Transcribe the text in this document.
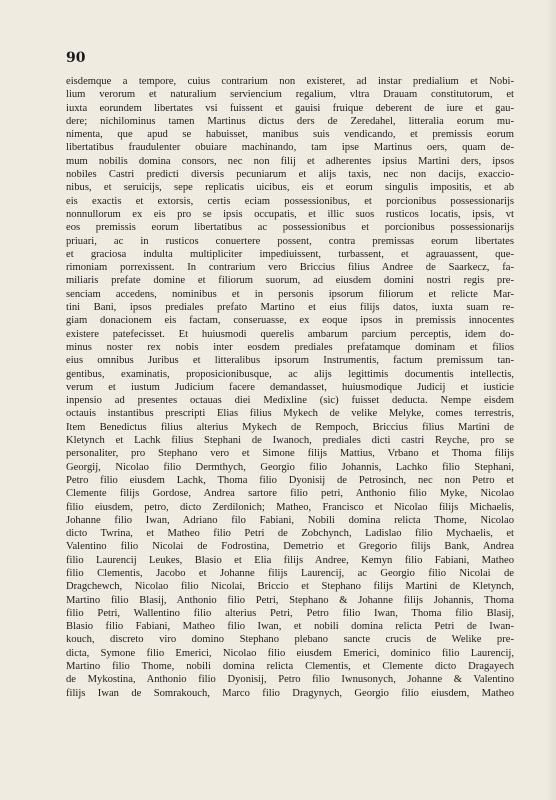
90

eisdemque a tempore, cuius contrarium non existeret, ad instar predialium et Nobi-
lium verorum et naturalium serviencium regalium, vltra Drauam constitutorum, et
iuxta eorundem libertates vsi fuissent et gauisi fruique deberent de iure et gau-
dere; nichilominus tamen Martinus dictus ders de Zeredahel, litteralia eorum mu-
nimenta, que apud se habuisset, manibus suis vendicando, et premissis eorum
libertatibus fraudulenter obuiare machinando, tam ipse Martinus oers, quam de-
mum nobilis domina consors, nec non filij et adherentes ipsius Martini ders, ipsos
nobiles Castri predicti diversis pecuniarum et alijs taxis, nec non dacijs, exaccio-
nibus, et seruicijs, sepe replicatis uicibus, eis et eorum singulis impositis, et ab
eis exactis et extorsis, certis eciam possessionibus, et porcionibus possessionarijs
nonnullorum ex eis pro se ipsis occupatis, et illic suos rusticos locatis, ipsis, vt
eos premissis eorum libertatibus ac possessionibus et porcionibus possessionarijs
priuari, ac in rusticos conuertere possent, contra premissas eorum libertates
et graciosa indulta multipliciter impediuissent, turbassent, et agrauassent, que-
rimoniam porrexissent. In contrarium vero Briccius filius Andree de Saarkecz, fa-
miliaris prefate domine et filiorum suorum, ad eiusdem domini nostri regis pre-
senciam accedens, nominibus et in personis ipsorum filiorum et relicte Mar-
tini Bani, ipsos prediales prefato Martino et eius filijs datos, iuxta suam re-
giam donacionem eis factam, conseruasse, ex eoque ipsos in premissis innocentes
existere patefecisset. Et huiusmodi querelis ambarum parcium perceptis, idem do-
minus noster rex nobis inter eosdem prediales prefatamque dominam et filios
eius omnibus Juribus et litteralibus ipsorum Instrumentis, factum premissum tan-
gentibus, examinatis, proposicionibusque, ac alijs legittimis documentis intellectis,
verum et iustum Judicium facere demandasset, huiusmodique Judicij et iusticie
inpensio ad presentes octauas diei Medixline (sic) fuisset deducta. Nempe eisdem
octauis instantibus prescripti Elias filius Mykech de velike Melyke, comes terrestris,
Item Benedictus filius alterius Mykech de Rempoch, Briccius filius Martini de
Kletynch et Lachk filius Stephani de Iwanoch, prediales dicti castri Reyche, pro se
personaliter, pro Stephano vero et Simone filijs Mattius, Vrbano et Thoma filijs
Georgij, Nicolao filio Dermthych, Georgio filio Johannis, Lachko filio Stephani,
Petro filio eiusdem Lachk, Thoma filio Dyonisij de Petrosinch, nec non Petro et
Clemente filijs Gordose, Andrea sartore filio petri, Anthonio filio Myke, Nicolao
filio eiusdem, petro, dicto Zerdilonich; Matheo, Francisco et Nicolao filijs Michaelis,
Johanne filio Iwan, Adriano filo Fabiani, Nobili domina relicta Thome, Nicolao
dicto Twrina, et Matheo filio Petri de Zobchynch, Ladislao filio Mychaelis, et
Valentino filio Nicolai de Fodrostina, Demetrio et Gregorio filijs Bank, Andrea
filio Laurencij Leukes, Blasio et Elia filijs Andree, Kemyn filio Fabiani, Matheo
filio Clementis, Jacobo et Johanne filijs Laurencij, ac Georgio filio Nicolai de
Dragchewch, Nicolao filio Nicolai, Briccio et Stephano filijs Martini de Kletynch,
Martino filio Blasij, Anthonio filio Petri, Stephano & Johanne filijs Johannis, Thoma
filio Petri, Wallentino filio alterius Petri, Petro filio Iwan, Thoma filio Blasij,
Blasio filio Fabiani, Matheo filio Iwan, et nobili domina relicta Petri de Iwan-
kouch, discreto viro domino Stephano plebano sancte crucis de Welike pre-
dicta, Symone filio Emerici, Nicolao filio eiusdem Emerici, dominico filio Laurencij,
Martino filio Thome, nobili domina relicta Clementis, et Clemente dicto Dragayech
de Mykostina, Anthonio filio Dyonisij, Petro filio Iwnusonych, Johanne & Valentino
filijs Iwan de Somrakouch, Marco filio Dragynych, Georgio filio eiusdem, Matheo
